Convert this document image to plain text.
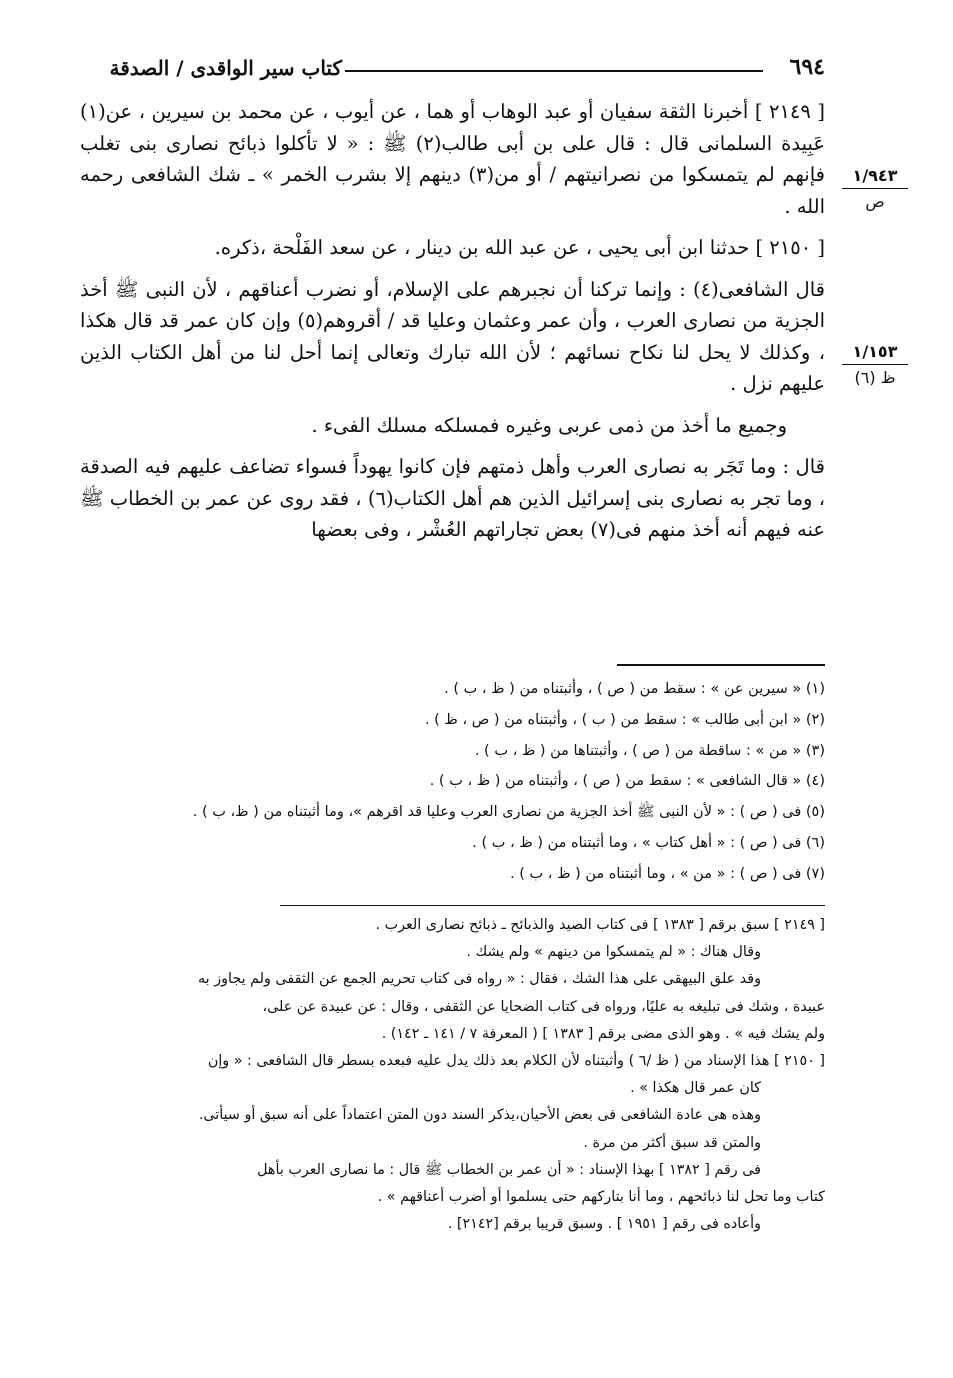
٦٩٤
كتاب سير الواقدى / الصدقة

[ ٢١٤٩ ] أخبرنا الثقة سفيان أو عبد الوهاب أو هما ، عن أيوب ، عن محمد بن سيرين ، عن(١) عَبِيدة السلمانى قال : قال على بن أبى طالب(٢) ﷺ : « لا تأكلوا ذبائح نصارى بنى تغلب فإنهم لم يتمسكوا من نصرانيتهم / أو من(٣) دينهم إلا بشرب الخمر » ـ شك الشافعى رحمه الله .

[ ٢١٥٠ ] حدثنا ابن أبى يحيى ، عن عبد الله بن دينار ، عن سعد الفَلْحة ،ذكره.

قال الشافعى(٤) : وإنما تركنا أن نجبرهم على الإسلام، أو نضرب أعناقهم ، لأن النبى ﷺ أخذ الجزية من نصارى العرب ، وأن عمر وعثمان وعليا قد / أقروهم(٥) وإن كان عمر قد قال هكذا ، وكذلك لا يحل لنا نكاح نسائهم ؛ لأن الله تبارك وتعالى إنما أحل لنا من أهل الكتاب الذين عليهم نزل .

وجميع ما أخذ من ذمى عربى وغيره فمسلكه مسلك الفىء .

قال : وما تَجَر به نصارى العرب وأهل ذمتهم فإن كانوا يهوداً فسواء تضاعف عليهم فيه الصدقة ، وما تجر به نصارى بنى إسرائيل الذين هم أهل الكتاب(٦) ، فقد روى عن عمر بن الخطاب ﷺ عنه فيهم أنه أخذ منهم فى(٧) بعض تجاراتهم العُشْر ، وفى بعضها

١/٩٤٣
ص
١/١٥٣
ظ (٦)
(١) « سيرين عن » : سقط من ( ص ) ، وأثبتناه من ( ظ ، ب ) .
(٢) « ابن أبى طالب » : سقط من ( ب ) ، وأثبتناه من ( ص ، ظ ) .
(٣) « من » : ساقطة من ( ص ) ، وأثبتناها من ( ظ ، ب ) .
(٤) « قال الشافعى » : سقط من ( ص ) ، وأثبتناه من ( ظ ، ب ) .
(٥) فى ( ص ) : « لأن النبى ﷺ أخذ الجزية من نصارى العرب وعليا قد اقرهم »، وما أثبتناه من ( ظ، ب ) .
(٦) فى ( ص ) : « أهل كتاب » ، وما أثبتناه من ( ظ ، ب ) .
(٧) فى ( ص ) : « من » ، وما أثبتناه من ( ظ ، ب ) .
[ ٢١٤٩ ] سبق برقم [ ١٣٨٣ ] فى كتاب الصيد والذبائح ـ ذبائح نصارى العرب .
وقال هناك : « لم يتمسكوا من دينهم » ولم يشك .
وقد علق البيهقى على هذا الشك ، فقال : « رواه فى كتاب تحريم الجمع عن الثقفى ولم يجاوز به
عبيدة ، وشك فى تبليغه به عليًا، ورواه فى كتاب الضحايا عن الثقفى ، وقال : عن عبيدة عن على،
ولم يشك فيه » . وهو الذى مضى برقم [ ١٣٨٣ ] ( المعرفة ٧ / ١٤١ ـ ١٤٢) .
[ ٢١٥٠ ] هذا الإسناد من ( ظ /٦ ) وأثبتناه لأن الكلام بعد ذلك يدل عليه فبعده بسطر قال الشافعى : « وإن
كان عمر قال هكذا » .
وهذه هى عادة الشافعى فى بعض الأحيان،يذكر السند دون المتن اعتماداً على أنه سبق أو سيأتى.
والمتن قد سبق أكثر من مرة .
فى رقم [ ١٣٨٢ ] بهذا الإسناد : « أن عمر بن الخطاب ﷺ قال : ما نصارى العرب بأهل
كتاب وما تحل لنا ذبائحهم ، وما أنا بتاركهم حتى يسلموا أو أضرب أعناقهم » .
وأعاده فى رقم [ ١٩٥١ ] . وسبق قريبا برقم [٢١٤٢] .
